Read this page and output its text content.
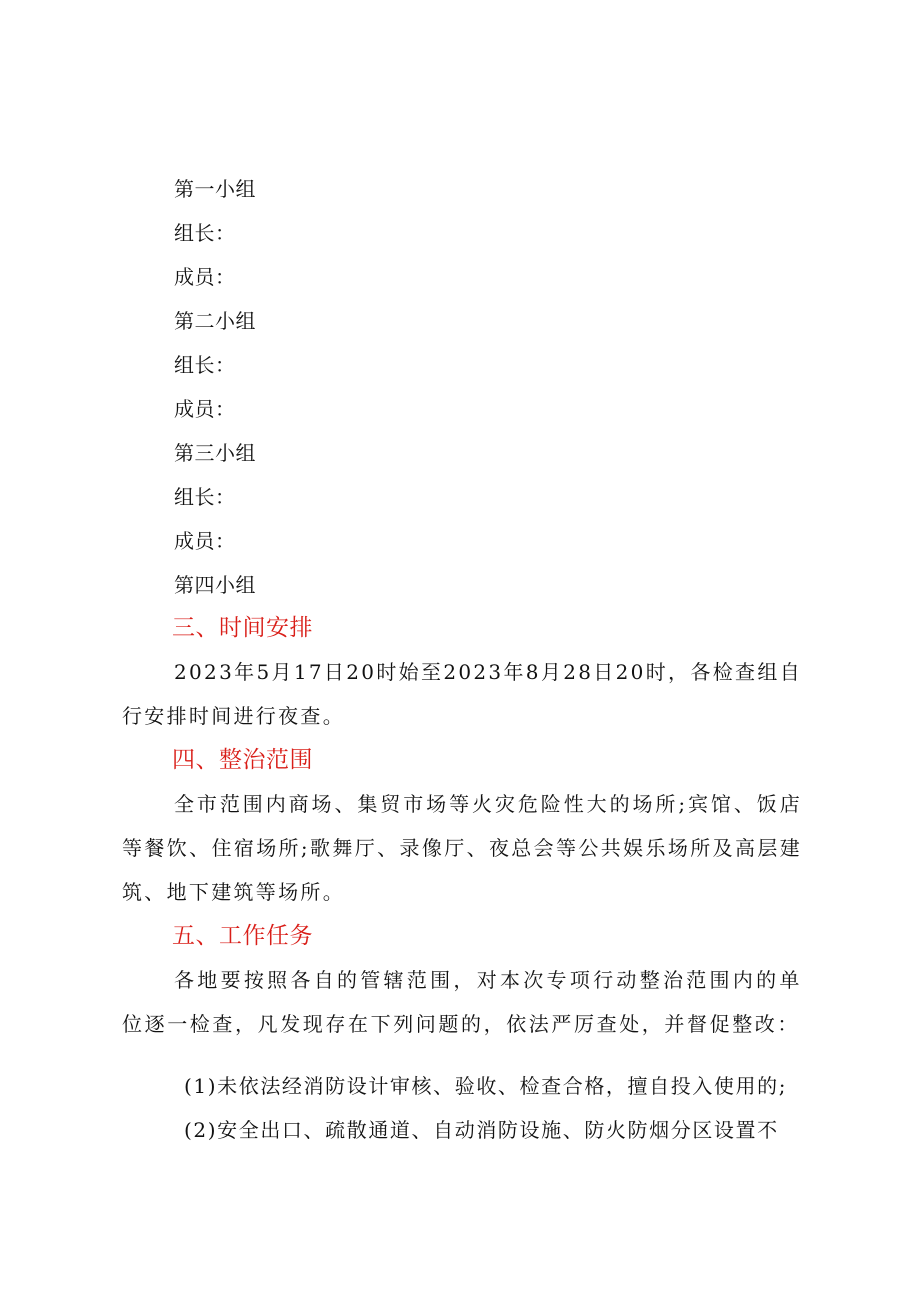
第一小组
组长：
成员：
第二小组
组长：
成员：
第三小组
组长：
成员：
第四小组
三、时间安排
2023年5月17日20时始至2023年8月28日20时，各检查组自行安排时间进行夜查。
四、整治范围
全市范围内商场、集贸市场等火灾危险性大的场所;宾馆、饭店等餐饮、住宿场所;歌舞厅、录像厅、夜总会等公共娱乐场所及高层建筑、地下建筑等场所。
五、工作任务
各地要按照各自的管辖范围，对本次专项行动整治范围内的单位逐一检查，凡发现存在下列问题的，依法严厉查处，并督促整改：
(1)未依法经消防设计审核、验收、检查合格，擅自投入使用的;
(2)安全出口、疏散通道、自动消防设施、防火防烟分区设置不
